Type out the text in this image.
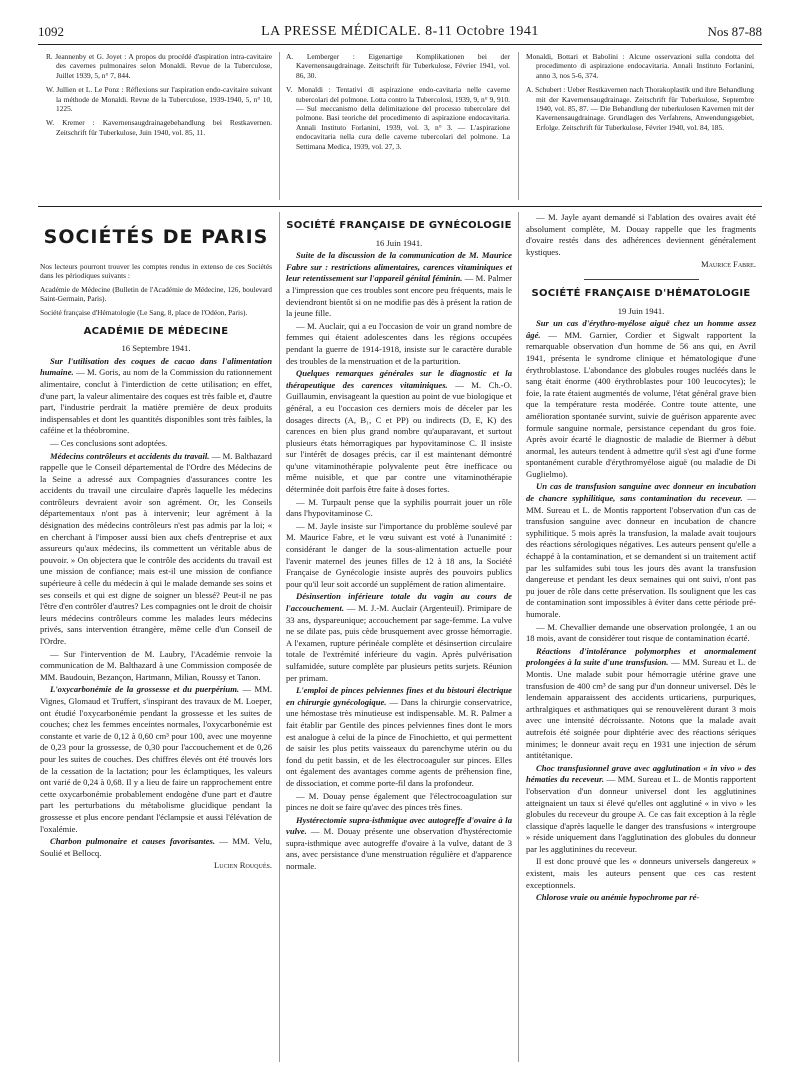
1092	LA PRESSE MÉDICALE. 8-11 Octobre 1941	Nos 87-88

R. Jeannenby et G. Joyet : A propos du procédé d'aspiration intra-cavitaire des cavernes pulmonaires selon Monaldi. Revue de la Tuberculose, Juillet 1939, 5, n° 7, 844.

W. Jullien et L. Le Ponz : Réflexions sur l'aspiration endo-cavitaire suivant la méthode de Monaldi. Revue de la Tuberculose, 1939-1940, 5, n° 10, 1225.

W. Kremer : Kavernensaugdrainagebehandlung bei Restkavernen. Zeitschrift für Tuberkulose, Juin 1940, vol. 85, 11.

A. Lemberger : Eigenartige Komplikationen bei der Kavernensaugdrainage. Zeitschrift für Tuberkulose, Février 1941, vol. 86, 30.

V. Monaldi : Tentativi di aspirazione endo-cavitaria nelle caverne tubercolari del polmone. Lotta contro la Tubercolosi, 1939, 9, n° 9, 910. — Sul meccanismo della delimitazione del processo tubercolare del polmone. Basi teoriche del procedimento di aspirazione endocavitaria. Annali Instituto Forlanini, 1939, vol. 3, n° 3. — L'aspirazione endocavitaria nella cura delle caverne tubercolari del polmone. La Settimana Medica, 1939, vol. 27, 3.

Monaldi, Bottari et Babolini : Alcune osservazioni sulla condotta del procedimento di aspirazione endocavitaria. Annali Instituto Forlanini, anno 3, nos 5-6, 374.

A. Schubert : Ueber Restkavernen nach Thorakoplastik und ihre Behandlung mit der Kavernensaugdrainage. Zeitschrift für Tuberkulose, Septembre 1940, vol. 85, 87. — Die Behandlung der tuberkulosen Kavernen mit der Kavernensaugdrainage. Grundlagen des Verfahrens, Anwendungsgebiet, Erfolge. Zeitschrift für Tuberkulose, Février 1940, vol. 84, 185.

SOCIÉTÉS DE PARIS

Nos lecteurs pourront trouver les comptes rendus in extenso de ces Sociétés dans les périodiques suivants :

Académie de Médecine (Bulletin de l'Académie de Médecine, 126, boulevard Saint-Germain, Paris).

Société française d'Hématologie (Le Sang, 8, place de l'Odéon, Paris).

ACADÉMIE DE MÉDECINE

16 Septembre 1941.

Sur l'utilisation des coques de cacao dans l'alimentation humaine. — M. Goris, au nom de la Commission du rationnement alimentaire, conclut à l'interdiction de cette utilisation; en effet, d'une part, la valeur alimentaire des coques est très faible et, d'autre part, l'industrie perdrait la matière première de deux produits indispensables et dont les quantités disponibles sont très faibles, la caféine et la théobromine.

— Ces conclusions sont adoptées.

Médecins contrôleurs et accidents du travail. — M. Balthazard rappelle que le Conseil départemental de l'Ordre des Médecins de la Seine a adressé aux Compagnies d'assurances contre les accidents du travail une circulaire d'après laquelle les médecins contrôleurs devraient avoir son agrément. Or, les Conseils départementaux n'ont pas à intervenir; leur agrément à la désignation des médecins contrôleurs n'est pas admis par la loi; « en cherchant à l'imposer aussi bien aux chefs d'entreprise et aux assureurs qu'aux médecins, ils commettent un véritable abus de pouvoir. » On objectera que le contrôle des accidents du travail est une mission de confiance; mais est-il une mission de confiance supérieure à celle du médecin à qui le malade demande ses soins et ses conseils et qui est digne de soigner un blessé? Peut-il ne pas l'être d'en contrôler d'autres? Les compagnies ont le droit de choisir leurs médecins contrôleurs comme les malades leurs médecins privés, sans intervention étrangère, même celle d'un Conseil de l'Ordre.

— Sur l'intervention de M. Laubry, l'Académie renvoie la communication de M. Balthazard à une Commission composée de MM. Baudouin, Bezançon, Hartmann, Milian, Roussy et Tanon.

L'oxycarbonémie de la grossesse et du puerpérium. — MM. Vignes, Glomaud et Truffert, s'inspirant des travaux de M. Loeper, ont étudié l'oxycarbonémie pendant la grossesse et les suites de couches; chez les femmes enceintes normales, l'oxycarbonémie est constante et varie de 0,12 à 0,60 cm³ pour 100, avec une moyenne de 0,23 pour la grossesse, de 0,30 pour l'accouchement et de 0,26 pour les suites de couches. Des chiffres élevés ont été trouvés lors de la cessation de la lactation; pour les éclamptiques, les valeurs ont varié de 0,24 à 0,68. Il y a lieu de faire un rapprochement entre cette oxycarbonémie probablement endogène d'une part et d'autre part les perturbations du métabolisme glucidique pendant la grossesse et plus encore pendant l'éclampsie et aussi l'élévation de l'oxalémie.

Charbon pulmonaire et causes favorisantes. — MM. Velu, Soulié et Bellocq.

Lucien Rouquès.

SOCIÉTÉ FRANÇAISE DE GYNÉCOLOGIE

16 Juin 1941.

Suite de la discussion de la communication de M. Maurice Fabre sur : restrictions alimentaires, carences vitaminiques et leur retentissement sur l'appareil génital féminin. — M. Palmer a l'impression que ces troubles sont encore peu fréquents, mais le deviendront bientôt si on ne modifie pas dès à présent la ration de la jeune fille.

— M. Auclair, qui a eu l'occasion de voir un grand nombre de femmes qui étaient adolescentes dans les régions occupées pendant la guerre de 1914-1918, insiste sur le caractère durable des troubles de la menstruation et de la parturition.

Quelques remarques générales sur le diagnostic et la thérapeutique des carences vitaminiques. — M. Ch.-O. Guillaumin, envisageant la question au point de vue biologique et général, a eu l'occasion ces derniers mois de déceler par les dosages directs (A, B₁, C et PP) ou indirects (D, E, K) des carences en bien plus grand nombre qu'auparavant, et surtout plusieurs états hémorragiques par hypovitaminose C. Il insiste sur l'intérêt de dosages précis, car il est maintenant démontré qu'une vitaminothérapie polyvalente peut être inefficace ou même nuisible, et que par contre une vitaminothérapie déterminée doit parfois être faite à doses fortes.

— M. Turpault pense que la syphilis pourrait jouer un rôle dans l'hypovitaminose C.

— M. Jayle insiste sur l'importance du problème soulevé par M. Maurice Fabre, et le vœu suivant est voté à l'unanimité : considérant le danger de la sous-alimentation actuelle pour l'avenir maternel des jeunes filles de 12 à 18 ans, la Société Française de Gynécologie insiste auprès des pouvoirs publics pour qu'il leur soit accordé un supplément de ration alimentaire.

Désinsertion inférieure totale du vagin au cours de l'accouchement. — M. J.-M. Auclair (Argenteuil). Primipare de 33 ans, dyspareunique; accouchement par sage-femme. La vulve ne se dilate pas, puis cède brusquement avec grosse hémorragie. A l'examen, rupture périnéale complète et désinsertion circulaire totale de l'extrémité inférieure du vagin. Après pulvérisation sulfamidée, suture complète par plusieurs petits surjets. Réunion per primam.

L'emploi de pinces pelviennes fines et du bistouri électrique en chirurgie gynécologique. — Dans la chirurgie conservatrice, une hémostase très minutieuse est indispensable. M. R. Palmer a fait établir par Gentile des pinces pelviennes fines dont le mors est analogue à celui de la pince de Finochietto, et qui permettent de saisir les plus petits vaisseaux du parenchyme utérin ou du fond du petit bassin, et de les électrocoaguler sur pinces. Elles ont également des avantages comme agents de préhension fine, de dissociation, et comme porte-fil dans la profondeur.

— M. Douay pense également que l'électrocoagulation sur pinces ne doit se faire qu'avec des pinces très fines.

Hystérectomie supra-isthmique avec autogreffe d'ovaire à la vulve. — M. Douay présente une observation d'hystérectomie supra-isthmique avec autogreffe d'ovaire à la vulve, datant de 3 ans, avec persistance d'une menstruation régulière et d'apparence normale.

— M. Jayle ayant demandé si l'ablation des ovaires avait été absolument complète, M. Douay rappelle que les fragments d'ovaire restés dans des adhérences deviennent généralement kystiques.

Maurice Fabre.

SOCIÉTÉ FRANÇAISE D'HÉMATOLOGIE

19 Juin 1941.

Sur un cas d'érythro-myélose aiguë chez un homme assez âgé. — MM. Garnier, Cordier et Sigwalt rapportent la remarquable observation d'un homme de 56 ans qui, en Avril 1941, présenta le syndrome clinique et hématologique d'une érythroblastose. L'abondance des globules rouges nucléés dans le sang était énorme (400 érythroblastes pour 100 leucocytes); le foie, la rate étaient augmentés de volume, l'état général grave bien que la température resta modérée. Contre toute attente, une amélioration spontanée survint, suivie de guérison apparente avec formule sanguine normale, persistance cependant du gros foie. Après avoir écarté le diagnostic de maladie de Biermer à début anormal, les auteurs tendent à admettre qu'il s'est agi d'une forme spontanément curable d'érythromyélose aiguë (ou maladie de Di Guglielmo).

Un cas de transfusion sanguine avec donneur en incubation de chancre syphilitique, sans contamination du receveur. — MM. Sureau et L. de Montis rapportent l'observation d'un cas de transfusion sanguine avec donneur en incubation de chancre syphilitique. 5 mois après la transfusion, la malade avait toujours des réactions sérologiques négatives. Les auteurs pensent qu'elle a échappé à la contamination, et se demandent si un traitement actif par les sulfamides subi tous les jours dès avant la transfusion dangereuse et pendant les deux semaines qui ont suivi, n'ont pas pu jouer de rôle dans cette préservation. Ils soulignent que les cas de contamination sont impossibles à éviter dans cette période pré-humorale.

— M. Chevallier demande une observation prolongée, 1 an ou 18 mois, avant de considérer tout risque de contamination écarté.

Réactions d'intolérance polymorphes et anormalement prolongées à la suite d'une transfusion. — MM. Sureau et L. de Montis. Une malade subit pour hémorragie utérine grave une transfusion de 400 cm³ de sang pur d'un donneur universel. Dès le lendemain apparaissent des accidents urticariens, purpuriques, arthralgiques et asthmatiques qui se renouvelèrent durant 3 mois avec une intensité décroissante. Notons que la malade avait autrefois été soignée pour diphtérie avec des réactions sériques minimes; le donneur avait reçu en 1931 une injection de sérum antitétanique.

Choc transfusionnel grave avec agglutination « in vivo » des hématies du receveur. — MM. Sureau et L. de Montis rapportent l'observation d'un donneur universel dont les agglutinines atteignaient un taux si élevé qu'elles ont agglutiné « in vivo » les globules du receveur du groupe A. Ce cas fait exception à la règle classique d'après laquelle le danger des transfusions « intergroupe » réside uniquement dans l'agglutination des globules du donneur par les agglutinines du receveur.

Il est donc prouvé que les « donneurs universels dangereux » existent, mais les auteurs pensent que ces cas restent exceptionnels.

Chlorose vraie ou anémie hypochrome par ré-
